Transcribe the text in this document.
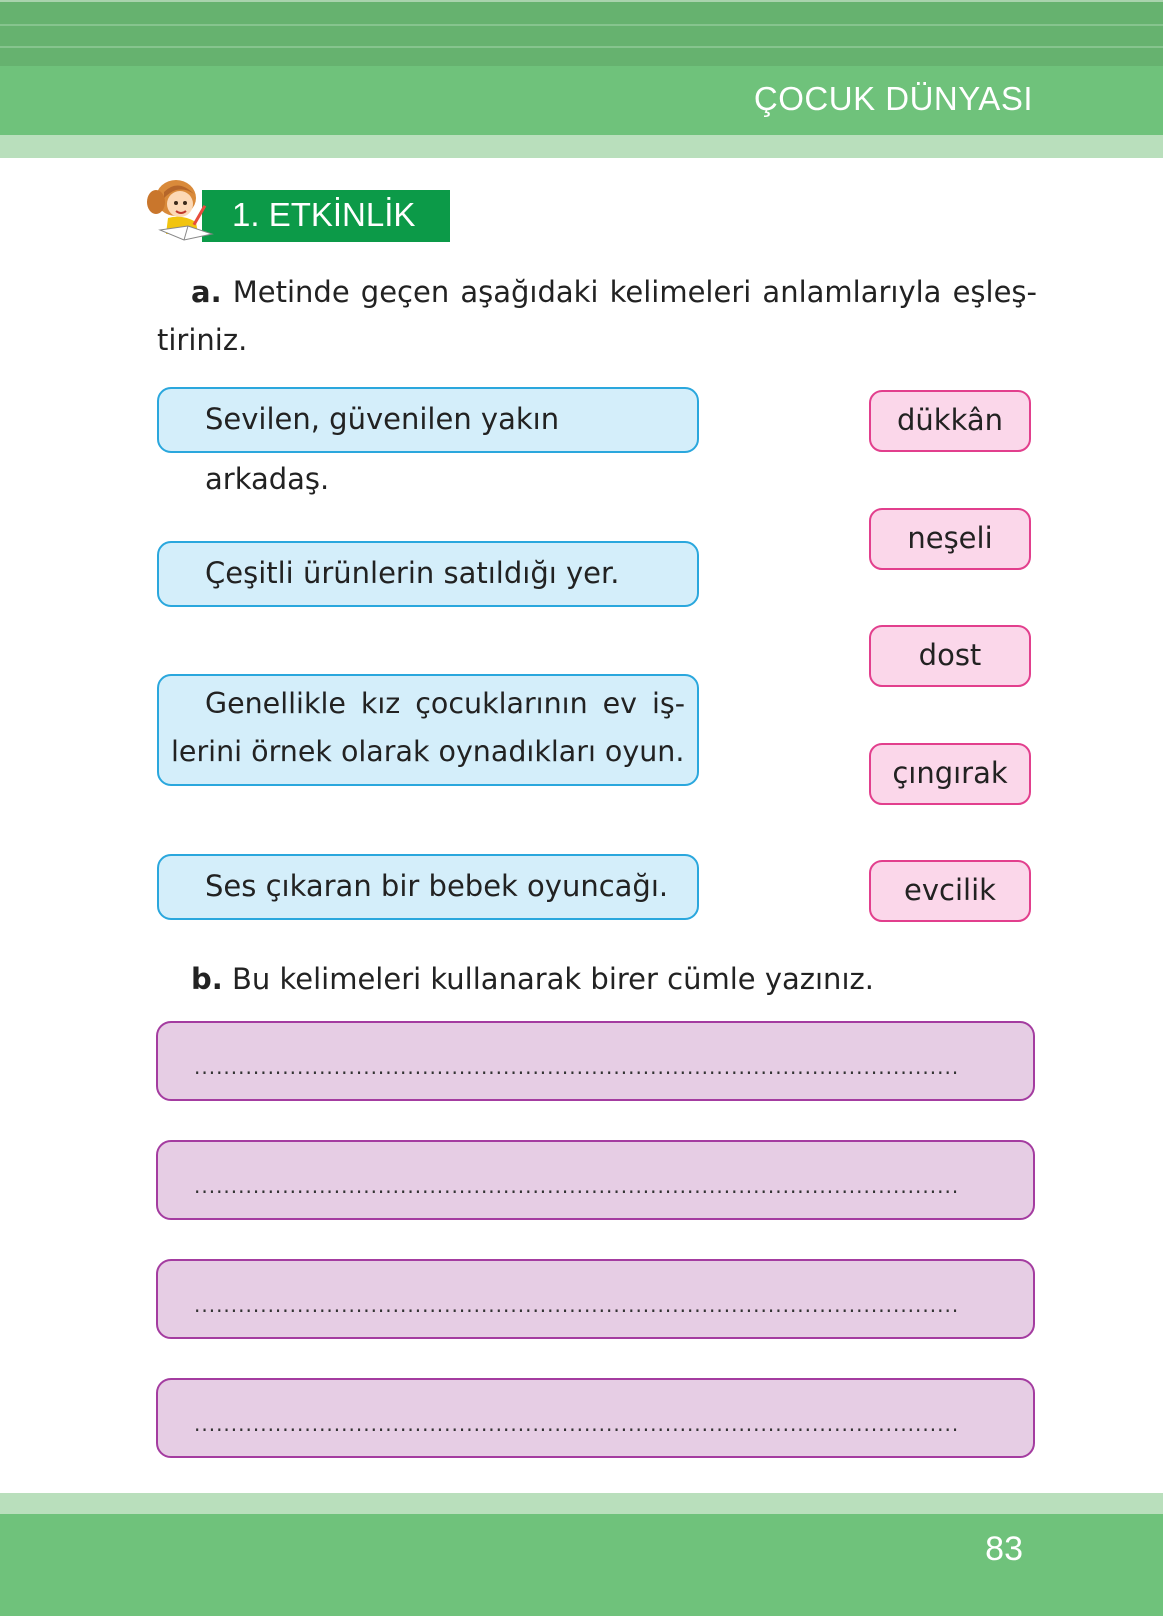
ÇOCUK DÜNYASI
1. ETKİNLİK
a. Metinde geçen aşağıdaki kelimeleri anlamlarıyla eşleş-
tiriniz.
Sevilen, güvenilen yakın arkadaş.
Çeşitli ürünlerin satıldığı yer.
Genellikle kız çocuklarının ev iş-
lerini örnek olarak oynadıkları oyun.
Ses çıkaran bir bebek oyuncağı.
dükkân
neşeli
dost
çıngırak
evcilik
b. Bu kelimeleri kullanarak birer cümle yazınız.
........................................................................................................
........................................................................................................
........................................................................................................
........................................................................................................
83
